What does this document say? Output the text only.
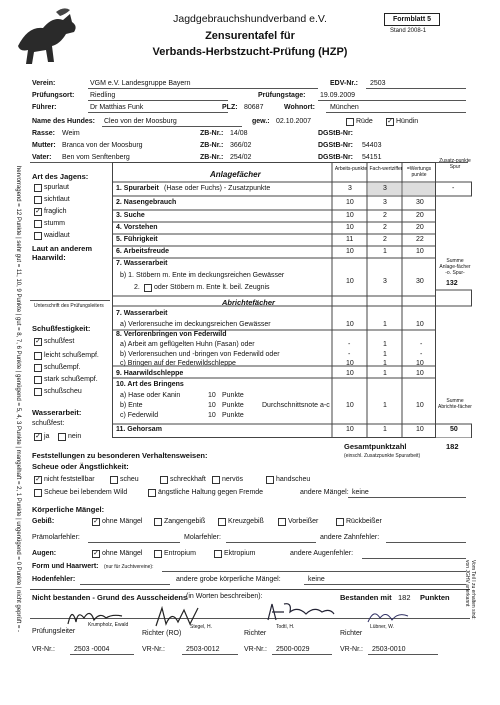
Jagdgebrauchshundverband e.V.
Zensurentafel für
Verbands-Herbstzucht-Prüfung (HZP)
Formblatt 5
Stand 2008-1
Verein:	VGM e.V. Landesgruppe Bayern	EDV-Nr.: 2503
Prüfungsort: Riedling	Prüfungstage: 19.09.2009
Führer:	Dr Matthias Funk	PLZ: 80687	Wohnort: München
Name des Hundes: Cleo von der Moosburg	gew.: 02.10.2007	Rüde ✓ Hündin
Rasse: Weim	ZB-Nr.: 14/08	DGStB-Nr:
Mutter: Branca von der Moosburg	ZB-Nr.: 366/02	DGStB-Nr: 54403
Vater: Ben vom Senftenberg	ZB-Nr.: 254/02	DGStB-Nr: 54151
Art des Jagens:
spurlaut
sichtlaut
✓ fraglich
stumm
waidlaut
Laut an anderem Haarwild:
Unterschrift des Prüfungsleiters
Schußfestigkeit:
✓ schußfest
leicht schußempf.
schußempf.
stark schußempf.
schußscheu
Wasserarbeit:
schußfest:
✓ ja	nein
Anlagefächer
Arbeits-punkte Fach-wertziffer =Wertungs punkte
Zusatz-punkte Spur
1. Spurarbeit (Hase oder Fuchs) - Zusatzpunkte	3	3	-
2. Nasengebrauch	10	3	30
3. Suche	10	2	20
4. Vorstehen	10	2	20
5. Führigkeit	11	2	22
6. Arbeitsfreude	10	1	10
7. Wasserarbeit
b) 1. Stöbern m. Ente im deckungsreichen Gewässer
2. oder Stöbern m. Ente lt. beil. Zeugnis
10	3	30
Summe Anlage-fächer -o. Spur-
132
Abrichtefächer
7. Wasserarbeit
a) Verlorensuche im deckungsreichen Gewässer	10	1	10
8. Verlorenbringen von Federwild
a) Arbeit am geflügelten Huhn (Fasan) oder	-	1	-
b) Verlorensuchen und -bringen von Federwild oder	-	1	-
c) Bringen auf der Federwildschleppe	10	1	10
9. Haarwildschleppe	10	1	10
10. Art des Bringens
a) Hase oder Kanin	10 Punkte
b) Ente	10 Punkte
c) Federwild	10 Punkte
Durchschnittsnote a-c 10	1	10
Summe Abrichte-fächer
11. Gehorsam	10	1	10	50
Gesamtpunktzahl	182
(einschl. Zusatzpunkte Spurarbeit)
Feststellungen zu besonderen Verhaltensweisen:
Scheue oder Ängstlichkeit:
✓ nicht feststellbar	scheu	schreckhaft nervös	handscheu
Scheue bei lebendem Wild	ängstliche Haltung gegen Fremde	andere Mängel: keine
Körperliche Mängel:
Gebiß:	✓ ohne Mängel	Zangengebiß	Kreuzgebiß	Vorbeißer	Rückbeißer
Prämolarfehler:	Molarfehler:	andere Zahnfehler:
Augen:	✓ ohne Mängel	Entropium	Ektropium	andere Augenfehler:
Form und Haarwert: (nur für Zuchtvereine):
Hodenfehler:	andere grobe körperliche Mängel:	keine
Nicht bestanden - Grund des Ausscheidens
(in Worten beschreiben):	Bestanden mit 182 Punkten
Prüfungsleiter
Krumpholz, Ewald
Richter (RO)
Stegel, H.
Richter
Todtl, H.
Richter
Lübner, W.
VR-Nr.:	2503 -0004	VR-Nr.:	2503-0012	VR-Nr.: 2500-0029	VR-Nr.: 2503-0010
hervorragend = 12 Punkte | sehr gut = 11, 10, 9 Punkte | gut = 8, 7, 6 Punkte | genügend = 5, 4, 3 Punkte | mangelhaft = 2, 1 Punkte | ungenügend = 0 Punkte | nicht geprüft = -	Vom Teil I zu erhalten sind: von JGHV anerkannt
